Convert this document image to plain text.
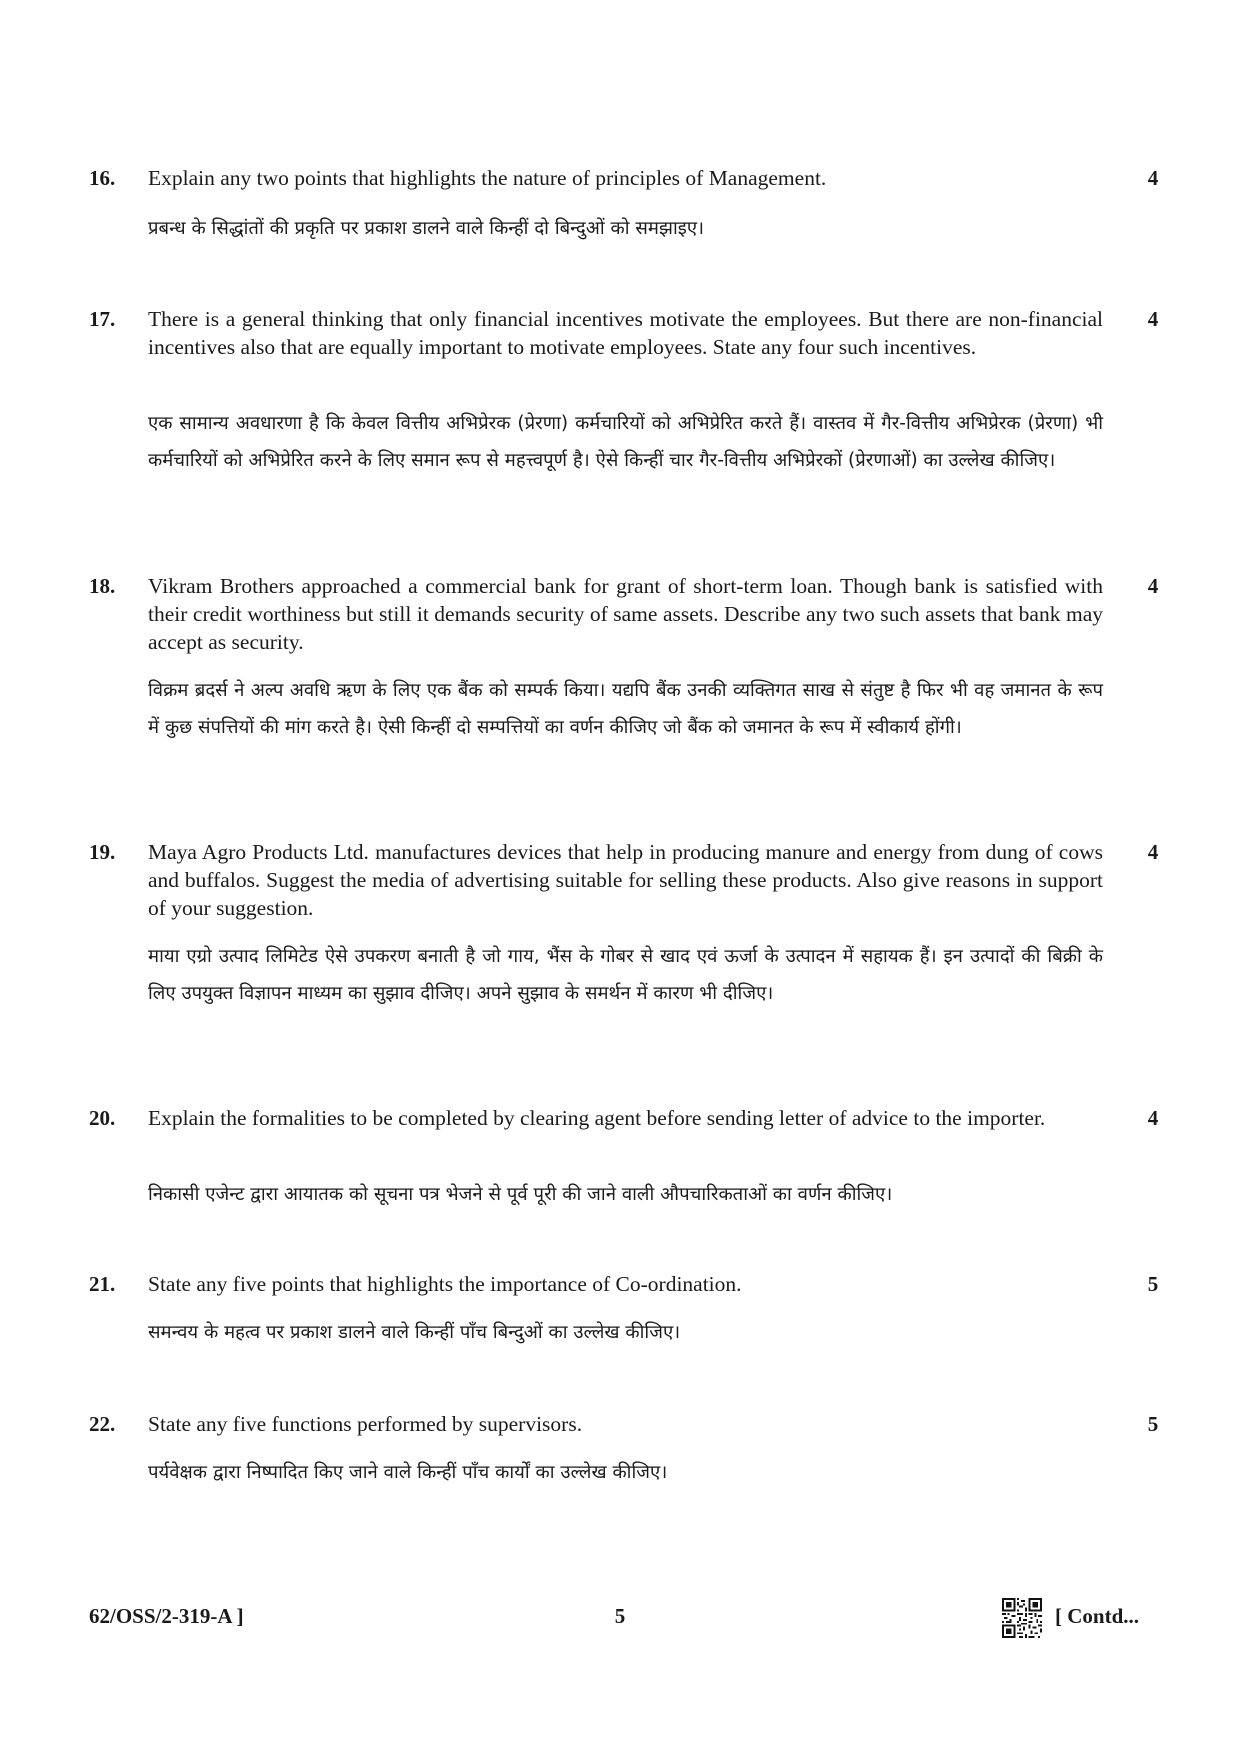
16.	Explain any two points that highlights the nature of principles of Management.	4
प्रबन्ध के सिद्धांतों की प्रकृति पर प्रकाश डालने वाले किन्हीं दो बिन्दुओं को समझाइए।
17.	There is a general thinking that only financial incentives motivate the employees. But there are non-financial incentives also that are equally important to motivate employees. State any four such incentives.
4
एक सामान्य अवधारणा है कि केवल वित्तीय अभिप्रेरक (प्रेरणा) कर्मचारियों को अभिप्रेरित करते हैं। वास्तव में गैर-वित्तीय अभिप्रेरक (प्रेरणा) भी कर्मचारियों को अभिप्रेरित करने के लिए समान रूप से महत्त्वपूर्ण है। ऐसे किन्हीं चार गैर-वित्तीय अभिप्रेरकों (प्रेरणाओं) का उल्लेख कीजिए।
18.	Vikram Brothers approached a commercial bank for grant of short-term loan. Though bank is satisfied with their credit worthiness but still it demands security of same assets. Describe any two such assets that bank may accept as security.
4
विक्रम ब्रदर्स ने अल्प अवधि ऋण के लिए एक बैंक को सम्पर्क किया। यद्यपि बैंक उनकी व्यक्तिगत साख से संतुष्ट है फिर भी वह जमानत के रूप में कुछ संपत्तियों की मांग करते है। ऐसी किन्हीं दो सम्पत्तियों का वर्णन कीजिए जो बैंक को जमानत के रूप में स्वीकार्य होंगी।
19.	Maya Agro Products Ltd. manufactures devices that help in producing manure and energy from dung of cows and buffalos. Suggest the media of advertising suitable for selling these products. Also give reasons in support of your suggestion.
4
माया एग्रो उत्पाद लिमिटेड ऐसे उपकरण बनाती है जो गाय, भैंस के गोबर से खाद एवं ऊर्जा के उत्पादन में सहायक हैं। इन उत्पादों की बिक्री के लिए उपयुक्त विज्ञापन माध्यम का सुझाव दीजिए। अपने सुझाव के समर्थन में कारण भी दीजिए।
20.	Explain the formalities to be completed by clearing agent before sending letter of advice to the importer.	4
निकासी एजेन्ट द्वारा आयातक को सूचना पत्र भेजने से पूर्व पूरी की जाने वाली औपचारिकताओं का वर्णन कीजिए।
21.	State any five points that highlights the importance of Co-ordination.	5
समन्वय के महत्व पर प्रकाश डालने वाले किन्हीं पाँच बिन्दुओं का उल्लेख कीजिए।
22.	State any five functions performed by supervisors.	5
पर्यवेक्षक द्वारा निष्पादित किए जाने वाले किन्हीं पाँच कार्यों का उल्लेख कीजिए।
62/OSS/2-319-A ]	5	[ Contd...
